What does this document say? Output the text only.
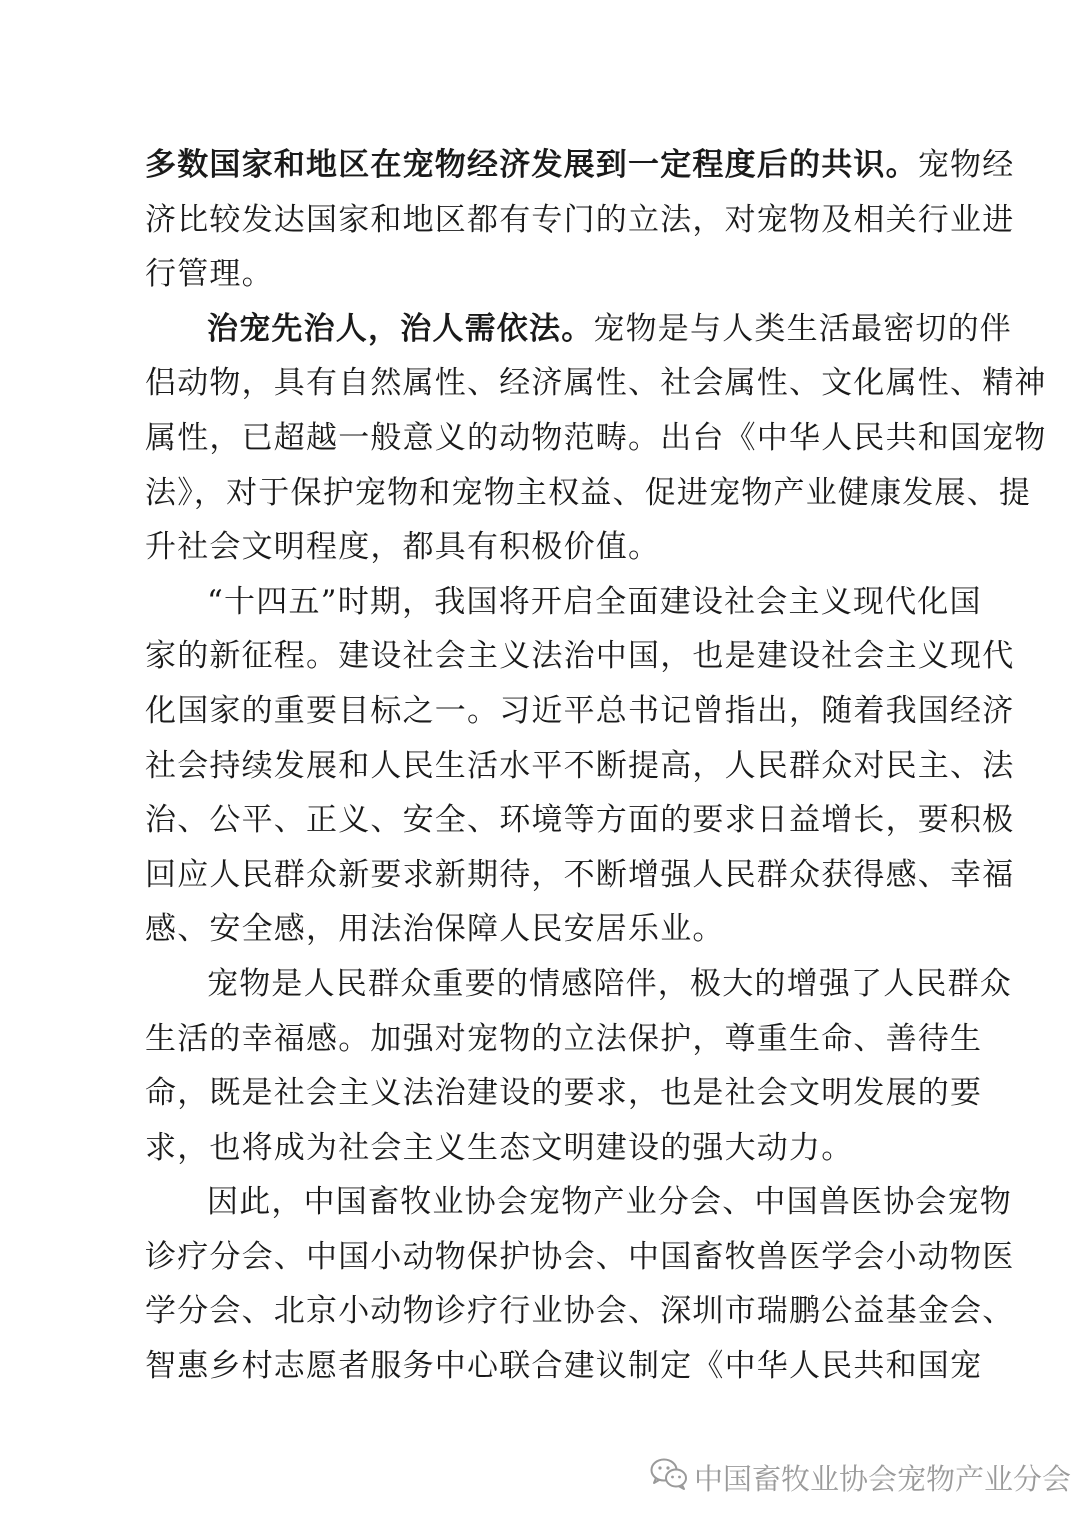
多数国家和地区在宠物经济发展到一定程度后的共识。宠物经
济比较发达国家和地区都有专门的立法，对宠物及相关行业进
行管理。
治宠先治人，治人需依法。宠物是与人类生活最密切的伴
侣动物，具有自然属性、经济属性、社会属性、文化属性、精神
属性，已超越一般意义的动物范畴。出台《中华人民共和国宠物
法》，对于保护宠物和宠物主权益、促进宠物产业健康发展、提
升社会文明程度，都具有积极价值。
“十四五”时期，我国将开启全面建设社会主义现代化国
家的新征程。建设社会主义法治中国，也是建设社会主义现代
化国家的重要目标之一。习近平总书记曾指出，随着我国经济
社会持续发展和人民生活水平不断提高，人民群众对民主、法
治、公平、正义、安全、环境等方面的要求日益增长，要积极
回应人民群众新要求新期待，不断增强人民群众获得感、幸福
感、安全感，用法治保障人民安居乐业。
宠物是人民群众重要的情感陪伴，极大的增强了人民群众
生活的幸福感。加强对宠物的立法保护，尊重生命、善待生
命，既是社会主义法治建设的要求，也是社会文明发展的要
求，也将成为社会主义生态文明建设的强大动力。
因此，中国畜牧业协会宠物产业分会、中国兽医协会宠物
诊疗分会、中国小动物保护协会、中国畜牧兽医学会小动物医
学分会、北京小动物诊疗行业协会、深圳市瑞鹏公益基金会、
智惠乡村志愿者服务中心联合建议制定《中华人民共和国宠
中国畜牧业协会宠物产业分会
